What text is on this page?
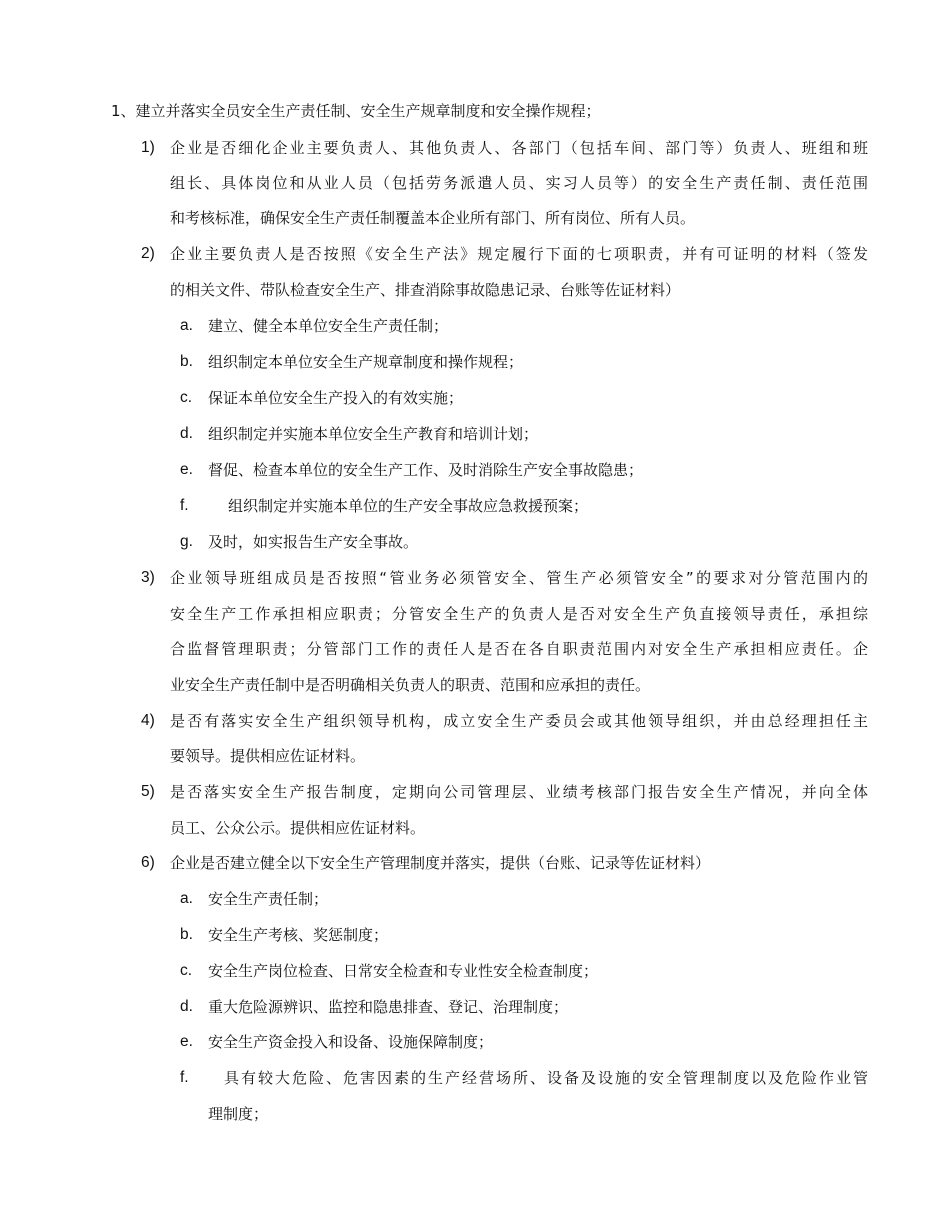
1、建立并落实全员安全生产责任制、安全生产规章制度和安全操作规程；
1) 企业是否细化企业主要负责人、其他负责人、各部门（包括车间、部门等）负责人、班组和班
组长、具体岗位和从业人员（包括劳务派遣人员、实习人员等）的安全生产责任制、责任范围
和考核标准，确保安全生产责任制覆盖本企业所有部门、所有岗位、所有人员。
2) 企业主要负责人是否按照《安全生产法》规定履行下面的七项职责，并有可证明的材料（签发
的相关文件、带队检查安全生产、排查消除事故隐患记录、台账等佐证材料）
a. 建立、健全本单位安全生产责任制；
b. 组织制定本单位安全生产规章制度和操作规程；
c. 保证本单位安全生产投入的有效实施；
d. 组织制定并实施本单位安全生产教育和培训计划；
e. 督促、检查本单位的安全生产工作、及时消除生产安全事故隐患；
f.	组织制定并实施本单位的生产安全事故应急救援预案；
g. 及时，如实报告生产安全事故。
3) 企业领导班组成员是否按照“管业务必须管安全、管生产必须管安全”的要求对分管范围内的
安全生产工作承担相应职责；分管安全生产的负责人是否对安全生产负直接领导责任，承担综
合监督管理职责；分管部门工作的责任人是否在各自职责范围内对安全生产承担相应责任。企
业安全生产责任制中是否明确相关负责人的职责、范围和应承担的责任。
4) 是否有落实安全生产组织领导机构，成立安全生产委员会或其他领导组织，并由总经理担任主
要领导。提供相应佐证材料。
5) 是否落实安全生产报告制度，定期向公司管理层、业绩考核部门报告安全生产情况，并向全体
员工、公众公示。提供相应佐证材料。
6) 企业是否建立健全以下安全生产管理制度并落实，提供（台账、记录等佐证材料）
a. 安全生产责任制；
b. 安全生产考核、奖惩制度；
c. 安全生产岗位检查、日常安全检查和专业性安全检查制度；
d. 重大危险源辨识、监控和隐患排查、登记、治理制度；
e. 安全生产资金投入和设备、设施保障制度；
f. 具有较大危险、危害因素的生产经营场所、设备及设施的安全管理制度以及危险作业管
理制度；
